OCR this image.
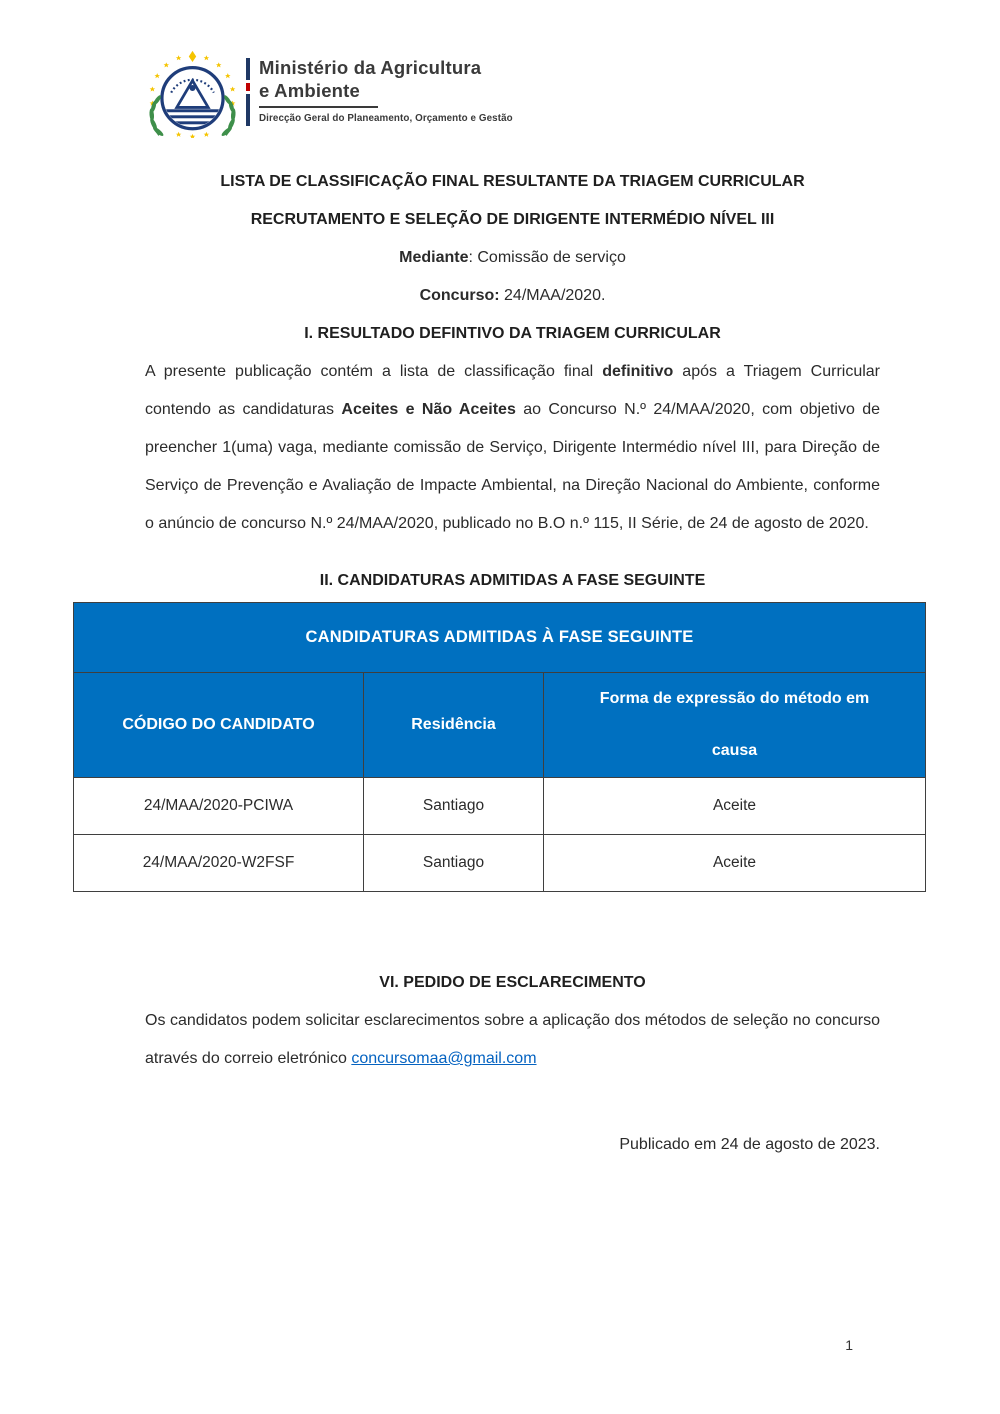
Ministério da Agricultura
e Ambiente
Direcção Geral do Planeamento, Orçamento e Gestão
LISTA DE CLASSIFICAÇÃO FINAL RESULTANTE DA TRIAGEM CURRICULAR
RECRUTAMENTO E SELEÇÃO DE DIRIGENTE INTERMÉDIO NÍVEL III
Mediante: Comissão de serviço
Concurso: 24/MAA/2020.
I. RESULTADO DEFINTIVO DA TRIAGEM CURRICULAR
A presente publicação contém a lista de classificação final definitivo após a Triagem Curricular contendo as candidaturas Aceites e Não Aceites ao Concurso N.º 24/MAA/2020, com objetivo de preencher 1(uma) vaga, mediante comissão de Serviço, Dirigente Intermédio nível III, para Direção de Serviço de Prevenção e Avaliação de Impacte Ambiental, na Direção Nacional do Ambiente, conforme o anúncio de concurso N.º 24/MAA/2020, publicado no B.O n.º 115, II Série, de 24 de agosto de 2020.
II. CANDIDATURAS ADMITIDAS A FASE SEGUINTE
CANDIDATURAS ADMITIDAS À FASE SEGUINTE		
CÓDIGO DO CANDIDATO	Residência	Forma de expressão do método em causa
24/MAA/2020-PCIWA	Santiago	Aceite
24/MAA/2020-W2FSF	Santiago	Aceite
VI. PEDIDO DE ESCLARECIMENTO
Os candidatos podem solicitar esclarecimentos sobre a aplicação dos métodos de seleção no concurso através do correio eletrónico concursomaa@gmail.com
Publicado em 24 de agosto de 2023.
1
